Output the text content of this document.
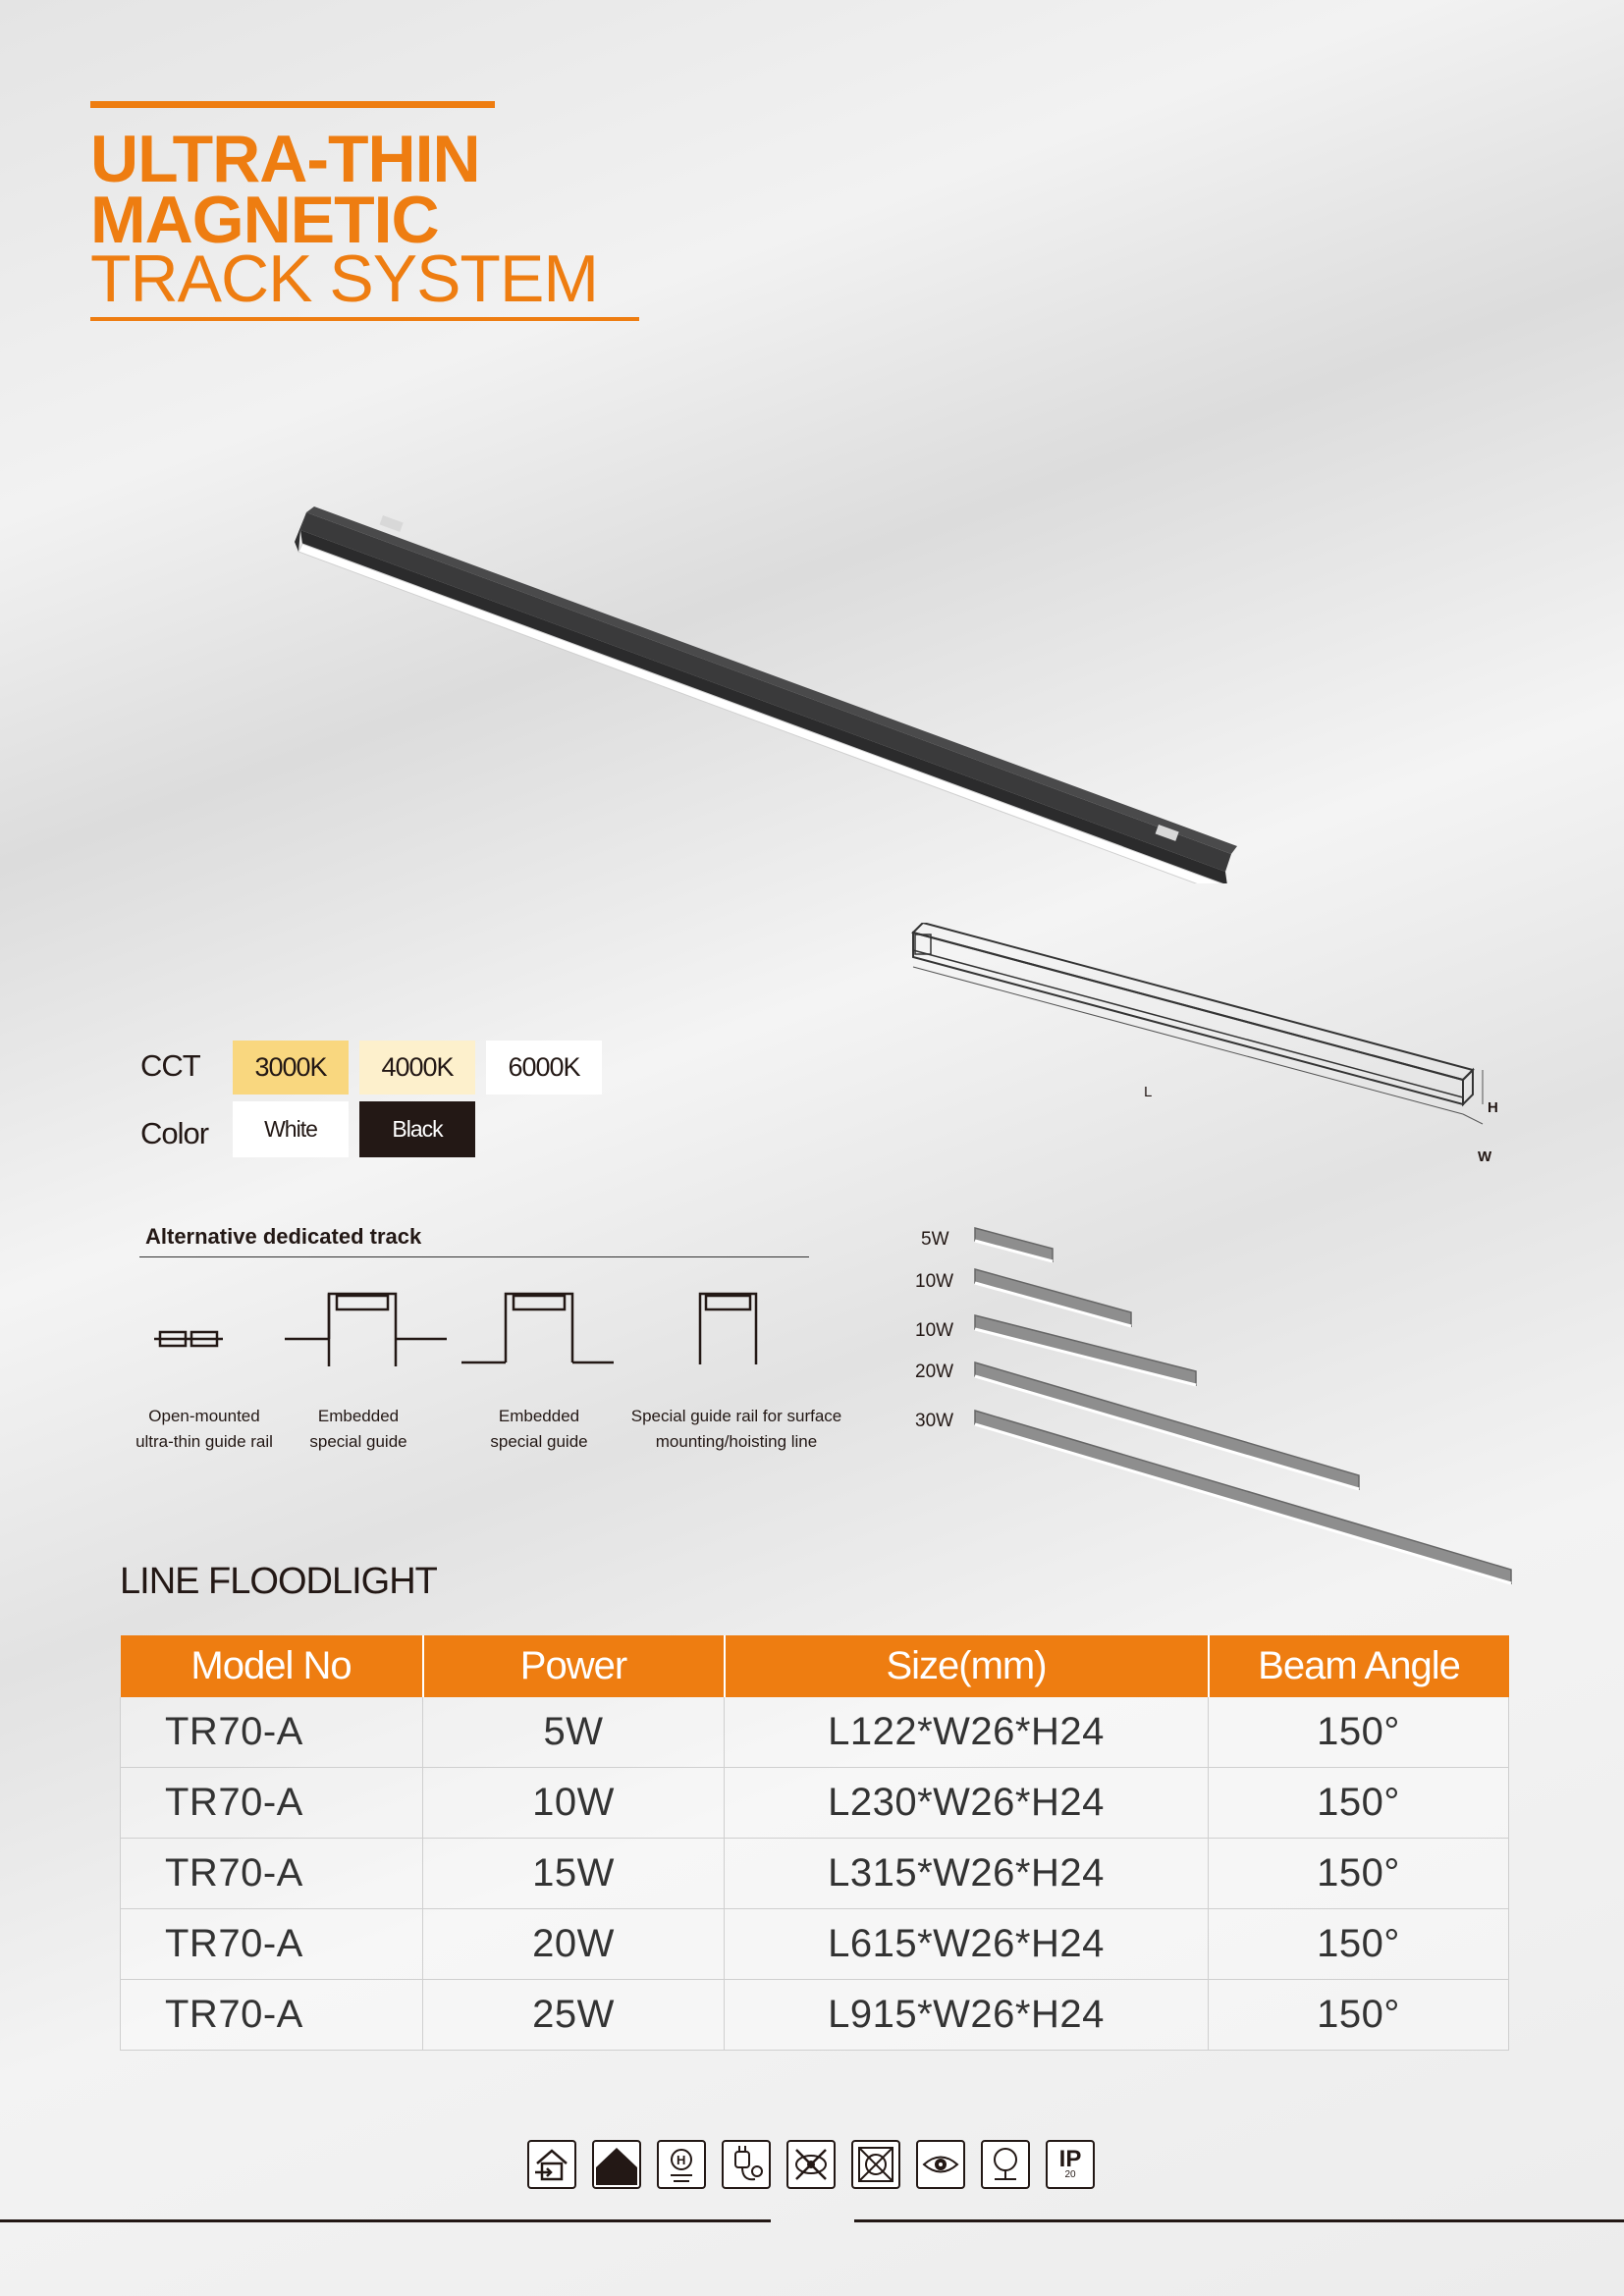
ULTRA-THIN
MAGNETIC
TRACK SYSTEM
L
H
W
CCT	3000K	4000K	6000K
Color	White	Black
Alternative dedicated track
Open-mounted
ultra-thin guide rail
Embedded
special guide
Embedded
special guide
Special guide rail for surface
mounting/hoisting line
5W
10W
10W
20W
30W
LINE FLOODLIGHT
Model No	Power	Size(mm)	Beam Angle
TR70-A	5W	L122*W26*H24	150°
TR70-A	10W	L230*W26*H24	150°
TR70-A	15W	L315*W26*H24	150°
TR70-A	20W	L615*W26*H24	150°
TR70-A	25W	L915*W26*H24	150°
H	IP
20
